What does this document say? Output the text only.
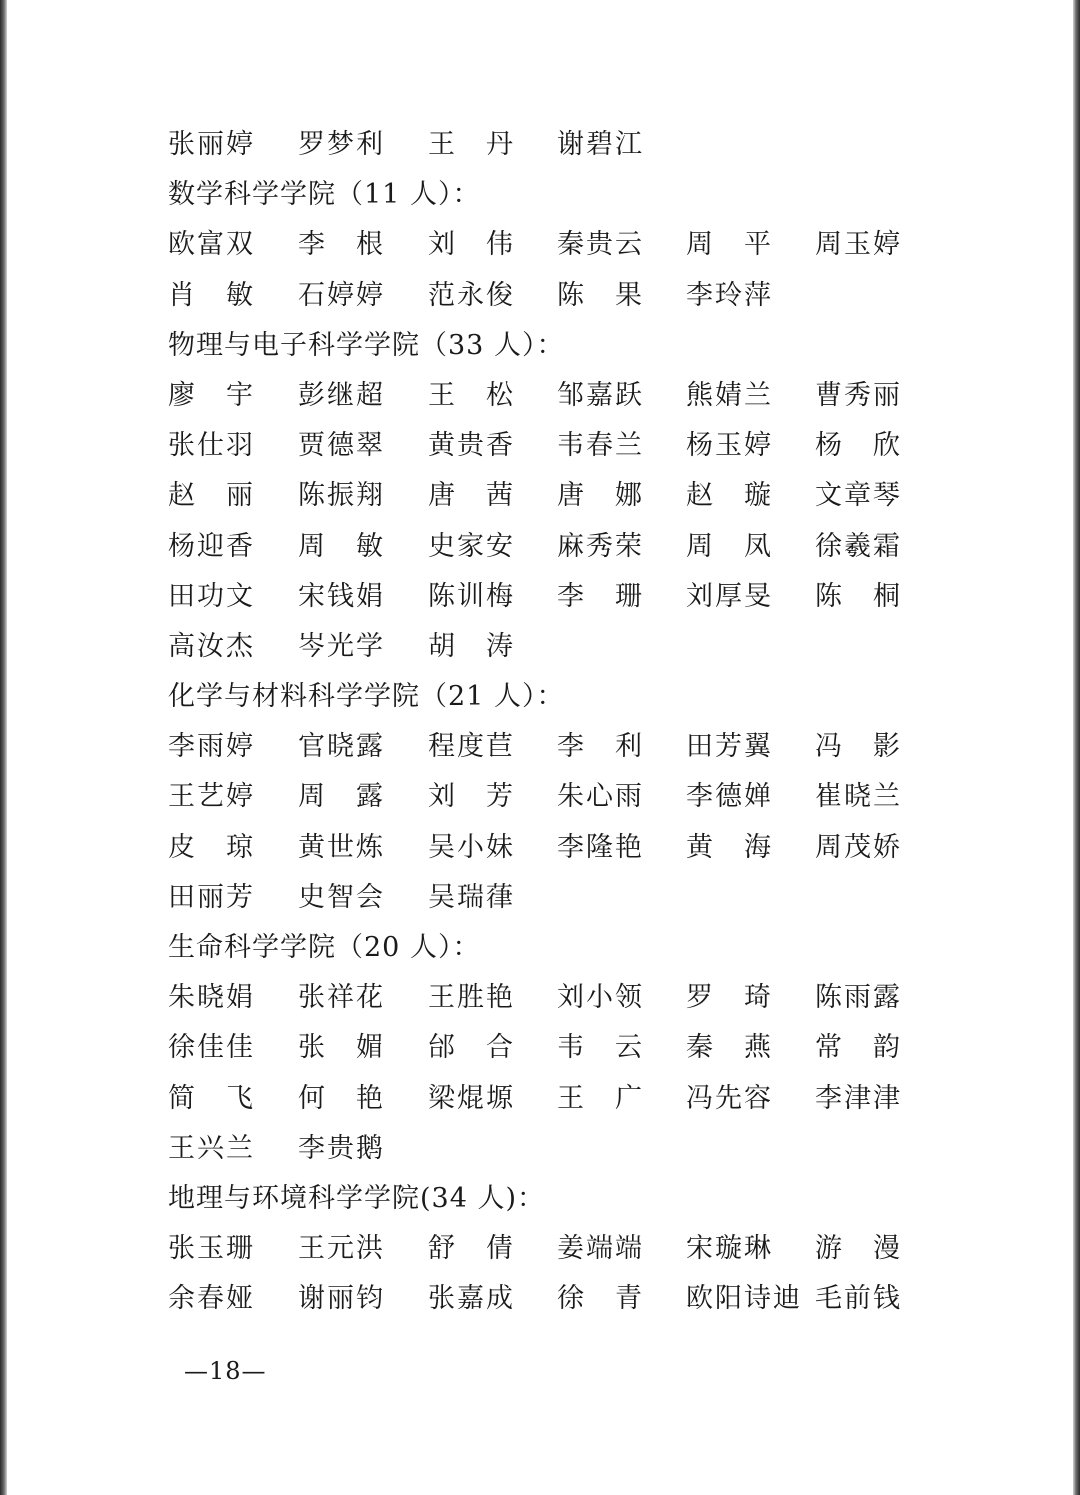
张丽婷 罗梦利 王　丹 谢碧江
数学科学学院（11 人）：
欧富双 李　根 刘　伟 秦贵云 周　平 周玉婷
肖　敏 石婷婷 范永俊 陈　果 李玲萍
物理与电子科学学院（33 人）：
廖　宇 彭继超 王　松 邹嘉跃 熊婧兰 曹秀丽
张仕羽 贾德翠 黄贵香 韦春兰 杨玉婷 杨　欣
赵　丽 陈振翔 唐　茜 唐　娜 赵　璇 文章琴
杨迎香 周　敏 史家安 麻秀荣 周　凤 徐羲霜
田功文 宋钱娟 陈训梅 李　珊 刘厚旻 陈　桐
高汝杰 岑光学 胡　涛
化学与材料科学学院（21 人）：
李雨婷 官晓露 程度苣 李　利 田芳翼 冯　影
王艺婷 周　露 刘　芳 朱心雨 李德婵 崔晓兰
皮　琼 黄世炼 吴小妹 李隆艳 黄　海 周茂娇
田丽芳 史智会 吴瑞葎
生命科学学院（20 人）：
朱晓娟 张祥花 王胜艳 刘小领 罗　琦 陈雨露
徐佳佳 张　媚 邰　合 韦　云 秦　燕 常　韵
简　飞 何　艳 梁焜塬 王　广 冯先容 李津津
王兴兰 李贵鹅
地理与环境科学学院(34 人)：
张玉珊 王元洪 舒　倩 姜端端 宋璇琳 游　漫
余春娅 谢丽钧 张嘉成 徐　青 欧阳诗迪 毛前钱
—18—
